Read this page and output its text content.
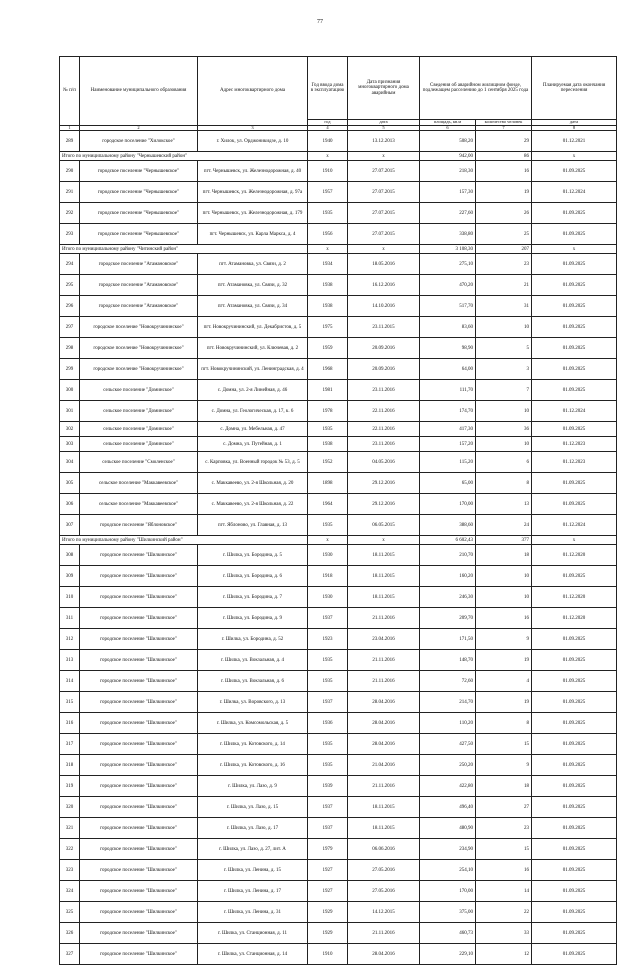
77
№ п/п	Наименование муниципального образования	Адрес многоквартирного дома	Год ввода дома в эксплуатацию	Дата признания многоквартирного дома аварийным	Сведения об аварийном жилищном фонде, подлежащем расселению до 1 сентября 2025 года		Планируемая дата окончания переселения
			год	дата	площадь, кв.м	количество человек	дата
1	2	3	4	5	6	7	8
289	городское поселение "Хилокское"	г. Хилок, ул. Орджоникидзе, д. 10	1940	13.12.2013	508,20	29	01.12.2021
Итого по муниципальному району "Чернышевский район"			x	x	942,00	86	x
290	городское поселение "Чернышевское"	пгт. Чернышевск, ул. Железнодорожная, д. 40	1910	27.07.2015	218,30	16	01.09.2025
291	городское поселение "Чернышевское"	пгт. Чернышевск, ул. Железнодорожная, д. 97а	1957	27.07.2015	157,30	19	01.12.2024
292	городское поселение "Чернышевское"	пгт. Чернышевск, ул. Железнодорожная, д. 179	1935	27.07.2015	227,60	26	01.09.2025
293	городское поселение "Чернышевское"	пгт. Чернышевск, ул. Карла Маркса, д. 4	1956	27.07.2015	338,80	25	01.09.2025
Итого по муниципальному району "Читинский район"			x	x	3 108,30	207	x
294	городское поселение "Атамановское"	пгт. Атамановка, ул. Связи, д. 2	1934	18.05.2016	275,10	23	01.09.2025
295	городское поселение "Атамановское"	пгт. Атамановка, ул. Связи, д. 32	1938	16.12.2016	470,20	21	01.09.2025
296	городское поселение "Атамановское"	пгт. Атамановка, ул. Связи, д. 34	1938	14.10.2016	517,70	31	01.09.2025
297	городское поселение "Новокручининское"	пгт. Новокручининский, ул. Декабристов, д. 5	1975	23.11.2015	83,60	10	01.09.2025
298	городское поселение "Новокручининское"	пгт. Новокручининский, ул. Ключевая, д. 2	1959	20.09.2016	98,90	5	01.09.2025
299	городское поселение "Новокручининское"	пгт. Новокручининский, ул. Ленинградская, д. 4	1968	20.09.2016	64,00	3	01.09.2025
300	сельское поселение "Доминское"	с. Домна, ул. 2-я Линейная, д. 46	1981	23.11.2016	111,70	7	01.09.2025
301	сельское поселение "Доминское"	с. Домна, ул. Геологическая, д. 17, к. 6	1978	22.11.2016	174,70	10	01.12.2024
302	сельское поселение "Доминское"	с. Домна, ул. Мебельная, д. 47	1935	22.11.2016	417,30	36	01.09.2025
303	сельское поселение "Доминское"	с. Домна, ул. Путейная, д. 1	1938	23.11.2016	157,20	10	01.12.2023
304	сельское поселение "Смоленское"	с. Карповка, ул. Военный городок № 53, д. 5	1952	04.05.2016	115,20	6	01.12.2023
305	сельское поселение "Маккавеевское"	с. Маккавеево, ул. 2-я Школьная, д. 20	1898	29.12.2016	65,00	8	01.09.2025
306	сельское поселение "Маккавеевское"	с. Маккавеево, ул. 2-я Школьная, д. 22	1964	29.12.2016	170,00	13	01.09.2025
307	городское поселение "Яблоновское"	пгт. Яблоново, ул. Главная, д. 13	1935	06.05.2015	388,60	24	01.12.2024
Итого по муниципальному району "Шилкинский район"			x	x	6 602,43	377	x
308	городское поселение "Шилкинское"	г. Шилка, ул. Бородина, д. 5	1930	18.11.2015	210,70	18	01.12.2020
309	городское поселение "Шилкинское"	г. Шилка, ул. Бородина, д. 6	1918	18.11.2015	160,20	10	01.09.2025
310	городское поселение "Шилкинское"	г. Шилка, ул. Бородина, д. 7	1930	18.11.2015	246,30	10	01.12.2020
311	городское поселение "Шилкинское"	г. Шилка, ул. Бородина, д. 9	1937	21.11.2016	209,70	16	01.12.2020
312	городское поселение "Шилкинское"	г. Шилка, ул. Бородина, д. 52	1923	23.04.2016	171,50	9	01.09.2025
313	городское поселение "Шилкинское"	г. Шилка, ул. Вокзальная, д. 4	1935	21.11.2016	148,70	19	01.09.2025
314	городское поселение "Шилкинское"	г. Шилка, ул. Вокзальная, д. 6	1935	21.11.2016	72,60	4	01.09.2025
315	городское поселение "Шилкинское"	г. Шилка, ул. Воровского, д. 13	1937	28.04.2016	214,70	19	01.09.2025
316	городское поселение "Шилкинское"	г. Шилка, ул. Комсомольская, д. 5	1936	28.04.2016	110,20	8	01.09.2025
317	городское поселение "Шилкинское"	г. Шилка, ул. Котовского, д. 14	1935	28.04.2016	427,50	15	01.09.2025
318	городское поселение "Шилкинское"	г. Шилка, ул. Котовского, д. 16	1935	21.04.2016	250,20	9	01.09.2025
319	городское поселение "Шилкинское"	г. Шилка, ул. Лазо, д. 9	1939	21.11.2016	422,80	18	01.09.2025
320	городское поселение "Шилкинское"	г. Шилка, ул. Лазо, д. 15	1937	18.11.2015	496,40	27	01.09.2025
321	городское поселение "Шилкинское"	г. Шилка, ул. Лазо, д. 17	1937	18.11.2015	480,90	23	01.09.2025
322	городское поселение "Шилкинское"	г. Шилка, ул. Лазо, д. 27, лит. А	1979	06.06.2016	234,90	15	01.09.2025
323	городское поселение "Шилкинское"	г. Шилка, ул. Ленина, д. 15	1927	27.05.2016	254,10	16	01.09.2025
324	городское поселение "Шилкинское"	г. Шилка, ул. Ленина, д. 17	1927	27.05.2016	170,00	14	01.09.2025
325	городское поселение "Шилкинское"	г. Шилка, ул. Ленина, д. 31	1929	14.12.2015	375,00	22	01.09.2025
326	городское поселение "Шилкинское"	г. Шилка, ул. Станционная, д. 11	1929	21.11.2016	460,73	33	01.09.2025
327	городское поселение "Шилкинское"	г. Шилка, ул. Станционная, д. 14	1910	28.04.2016	229,10	12	01.09.2025
